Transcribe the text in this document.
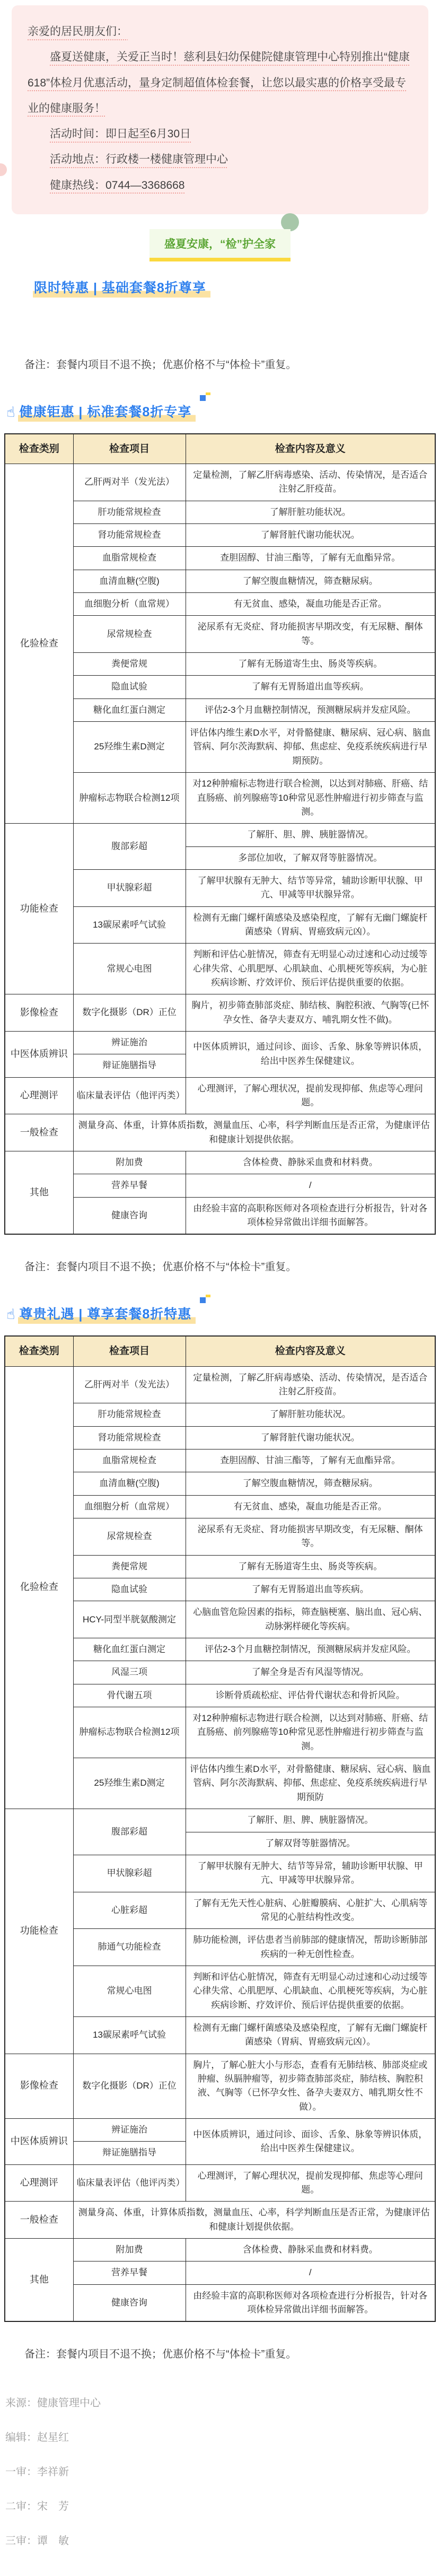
亲爱的居民朋友们：

盛夏送健康，关爱正当时！慈利县妇幼保健院健康管理中心特别推出“健康618”体检月优惠活动，量身定制超值体检套餐，让您以最实惠的价格享受最专业的健康服务！

活动时间：即日起至6月30日

活动地点：行政楼一楼健康管理中心

健康热线：0744—3368668

盛夏安康，“检”护全家
限时特惠 | 基础套餐8折尊享

备注：套餐内项目不退不换；优惠价格不与“体检卡”重复。

☝ 健康钜惠 | 标准套餐8折专享
检查类别	检查项目	检查内容及意义
化验检查	乙肝两对半（发光法）	定量检测，了解乙肝病毒感染、活动、传染情况，是否适合注射乙肝疫苗。
	肝功能常规检查	了解肝脏功能状况。
	肾功能常规检查	了解肾脏代谢功能状况。
	血脂常规检查	查胆固醇、甘油三酯等，了解有无血酯异常。
	血清血糖(空腹)	了解空腹血糖情况，筛查糖尿病。
	血细胞分析（血常规）	有无贫血、感染，凝血功能是否正常。
	尿常规检查	泌尿系有无炎症、肾功能损害早期改变，有无尿糖、酮体等。
	粪便常规	了解有无肠道寄生虫、肠炎等疾病。
	隐血试验	了解有无胃肠道出血等疾病。
	糖化血红蛋白测定	评估2-3个月血糖控制情况，预测糖尿病并发症风险。
	25羟维生素D测定	评估体内维生素D水平，对骨骼健康、糖尿病、冠心病、脑血管病、阿尔茨海默病、抑郁、焦虑症、免疫系统疾病进行早期预防。
	肿瘤标志物联合检测12项	对12种肿瘤标志物进行联合检测，以达到对肺癌、肝癌、结直肠癌、前列腺癌等10种常见恶性肿瘤进行初步筛查与监测。
功能检查	腹部彩超	了解肝、胆、脾、胰脏器情况。
		多部位加收，了解双肾等脏器情况。
	甲状腺彩超	了解甲状腺有无肿大、结节等异常，辅助诊断甲状腺、甲亢、甲减等甲状腺异常。
	13碳尿素呼气试验	检测有无幽门螺杆菌感染及感染程度，了解有无幽门螺旋杆菌感染（胃病、胃癌致病元凶）。
	常规心电图	判断和评估心脏情况，筛查有无明显心动过速和心动过缓等心律失常、心肌肥厚、心肌缺血、心肌梗死等疾病，为心脏疾病诊断、疗效评价、预后评估提供重要的依据。
影像检查	数字化摄影（DR）正位	胸片，初步筛查肺部炎症、肺结核、胸腔积液、气胸等(已怀孕女性、备孕夫妻双方、哺乳期女性不做)。
中医体质辨识	辨证施治	中医体质辨识，通过问诊、面诊、舌象、脉象等辨识体质，给出中医养生保健建议。
	辩证施膳指导	
心理测评	临床量表评估（他评丙类）	心理测评，了解心理状况，提前发现抑郁、焦虑等心理问题。
一般检查	测量身高、体重，计算体质指数，测量血压、心率，科学判断血压是否正常，为健康评估和健康计划提供依据。	
其他	附加费	含体检费、静脉采血费和材料费。
	营养早餐	/
	健康咨询	由经验丰富的高职称医师对各项检查进行分析报告，针对各项体检异常做出详细书面解答。

备注：套餐内项目不退不换；优惠价格不与“体检卡”重复。

☝ 尊贵礼遇 | 尊享套餐8折特惠
检查类别	检查项目	检查内容及意义
化验检查	乙肝两对半（发光法）	定量检测，了解乙肝病毒感染、活动、传染情况，是否适合注射乙肝疫苗。
	肝功能常规检查	了解肝脏功能状况。
	肾功能常规检查	了解肾脏代谢功能状况。
	血脂常规检查	查胆固醇、甘油三酯等，了解有无血酯异常。
	血清血糖(空腹)	了解空腹血糖情况，筛查糖尿病。
	血细胞分析（血常规）	有无贫血、感染，凝血功能是否正常。
	尿常规检查	泌尿系有无炎症、肾功能损害早期改变，有无尿糖、酮体等。
	粪便常规	了解有无肠道寄生虫、肠炎等疾病。
	隐血试验	了解有无胃肠道出血等疾病。
	HCY-同型半胱氨酸测定	心脑血管危险因素的指标，筛查脑梗塞、脑出血、冠心病、动脉粥样硬化等疾病。
	糖化血红蛋白测定	评估2-3个月血糖控制情况，预测糖尿病并发症风险。
	风湿三项	了解全身是否有风湿等情况。
	骨代谢五项	诊断骨质疏松症、评估骨代谢状态和骨折风险。
	肿瘤标志物联合检测12项	对12种肿瘤标志物进行联合检测，以达到对肺癌、肝癌、结直肠癌、前列腺癌等10种常见恶性肿瘤进行初步筛查与监测。
	25羟维生素D测定	评估体内维生素D水平，对骨骼健康、糖尿病、冠心病、脑血管病、阿尔茨海默病、抑郁、焦虑症、免疫系统疾病进行早期预防
功能检查	腹部彩超	了解肝、胆、脾、胰脏器情况。
		了解双肾等脏器情况。
	甲状腺彩超	了解甲状腺有无肿大、结节等异常，辅助诊断甲状腺、甲亢、甲减等甲状腺异常。
	心脏彩超	了解有无先天性心脏病、心脏瓣膜病、心脏扩大、心肌病等常见的心脏结构性改变。
	肺通气功能检查	肺功能检测，评估患者当前肺部的健康情况，帮助诊断肺部疾病的一种无创性检查。
	常规心电图	判断和评估心脏情况，筛查有无明显心动过速和心动过缓等心律失常、心肌肥厚、心肌缺血、心肌梗死等疾病，为心脏疾病诊断、疗效评价、预后评估提供重要的依据。
	13碳尿素呼气试验	检测有无幽门螺杆菌感染及感染程度，了解有无幽门螺旋杆菌感染（胃病、胃癌致病元凶）。
影像检查	数字化摄影（DR）正位	胸片，了解心脏大小与形态，查看有无肺结核、肺部炎症或肿瘤、纵膈肿瘤等，初步筛查肺部炎症，肺结核、胸腔积液、气胸等（已怀孕女性、备孕夫妻双方、哺乳期女性不做）。
中医体质辨识	辨证施治	中医体质辨识，通过问诊、面诊、舌象、脉象等辨识体质，给出中医养生保健建议。
	辩证施膳指导	
心理测评	临床量表评估（他评丙类）	心理测评，了解心理状况，提前发现抑郁、焦虑等心理问题。
一般检查	测量身高、体重，计算体质指数，测量血压、心率，科学判断血压是否正常，为健康评估和健康计划提供依据。	
其他	附加费	含体检费、静脉采血费和材料费。
	营养早餐	/
	健康咨询	由经验丰富的高职称医师对各项检查进行分析报告，针对各项体检异常做出详细书面解答。

备注：套餐内项目不退不换；优惠价格不与“体检卡”重复。

来源：健康管理中心

编辑：赵星红

一审：李祥新

二审：宋　芳

三审：谭　敏
